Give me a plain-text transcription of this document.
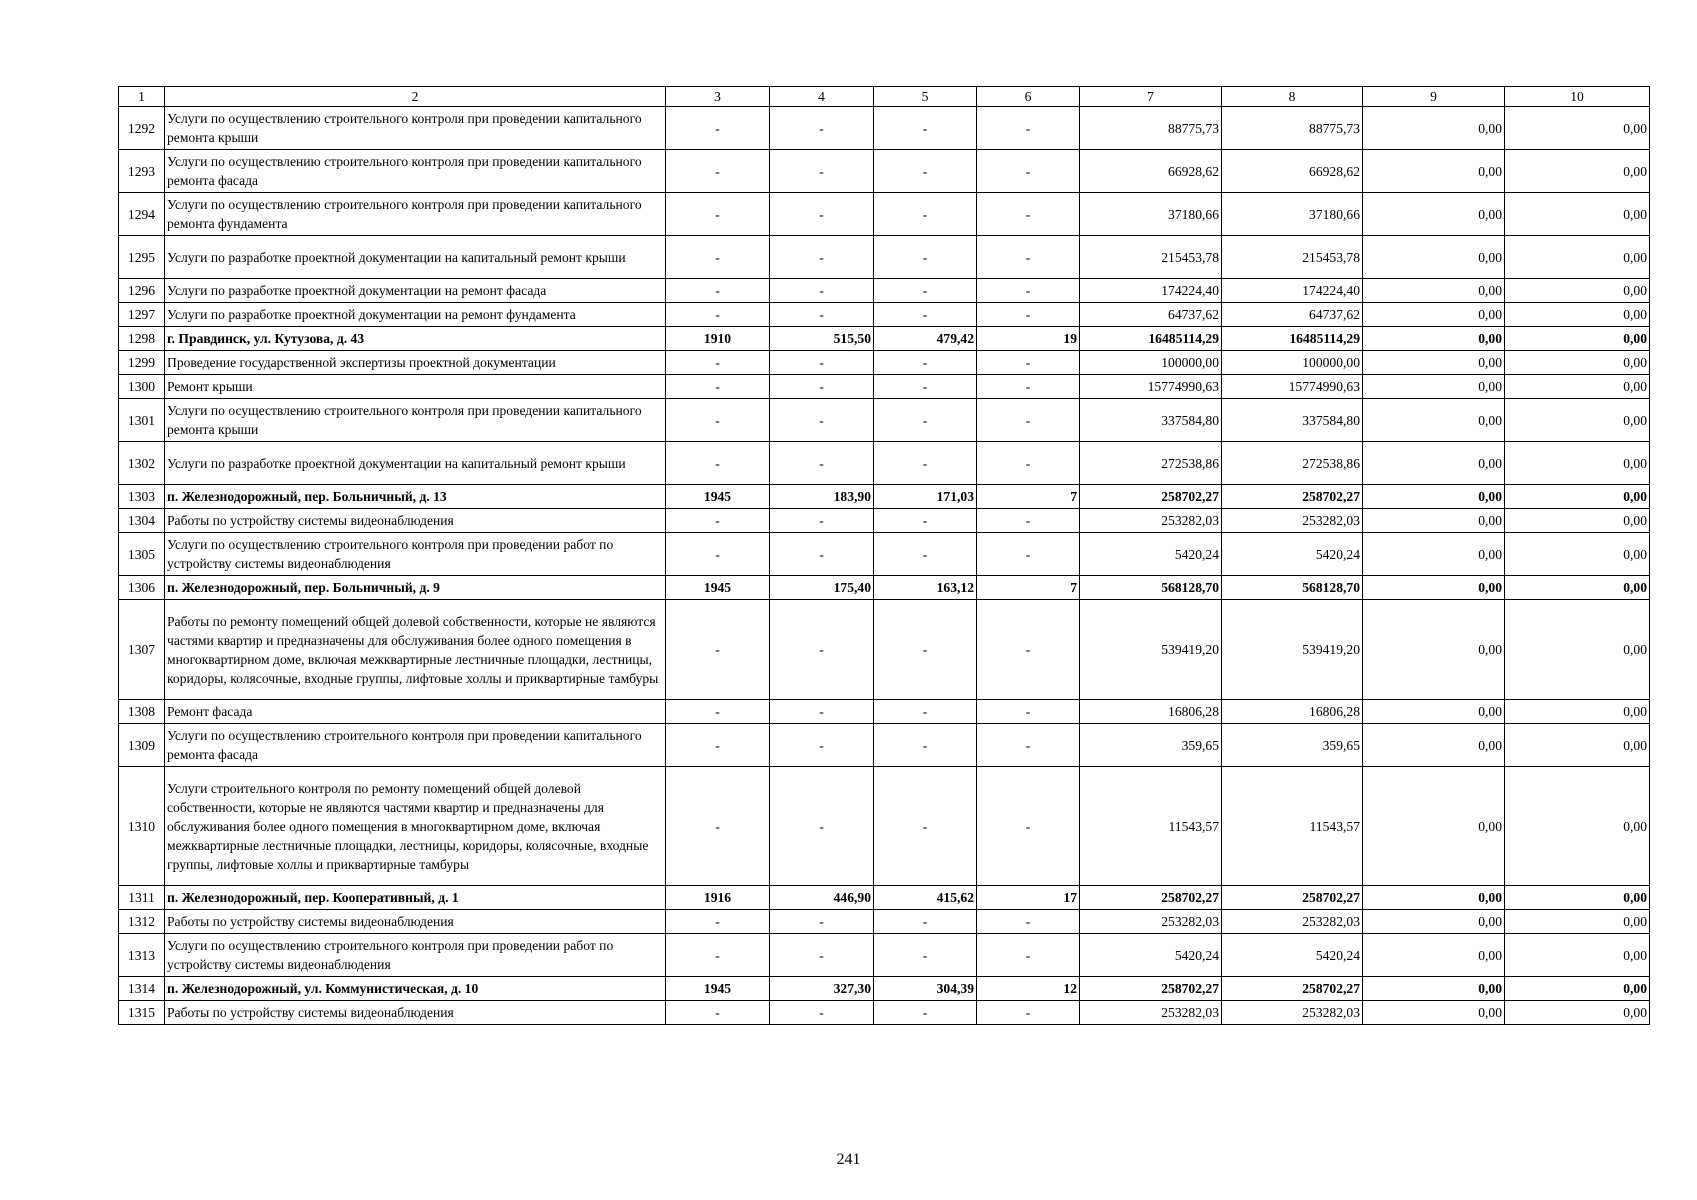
1	2	3	4	5	6	7	8	9	10
1292	Услуги по осуществлению строительного контроля при проведении капитального ремонта крыши	-	-	-	-	88775,73	88775,73	0,00	0,00
1293	Услуги по осуществлению строительного контроля при проведении капитального ремонта фасада	-	-	-	-	66928,62	66928,62	0,00	0,00
1294	Услуги по осуществлению строительного контроля при проведении капитального ремонта фундамента	-	-	-	-	37180,66	37180,66	0,00	0,00
1295	Услуги по разработке проектной документации на капитальный ремонт крыши	-	-	-	-	215453,78	215453,78	0,00	0,00
1296	Услуги по разработке проектной документации на ремонт фасада	-	-	-	-	174224,40	174224,40	0,00	0,00
1297	Услуги по разработке проектной документации на ремонт фундамента	-	-	-	-	64737,62	64737,62	0,00	0,00
1298	г. Правдинск, ул. Кутузова, д. 43	1910	515,50	479,42	19	16485114,29	16485114,29	0,00	0,00
1299	Проведение государственной экспертизы проектной документации	-	-	-	-	100000,00	100000,00	0,00	0,00
1300	Ремонт крыши	-	-	-	-	15774990,63	15774990,63	0,00	0,00
1301	Услуги по осуществлению строительного контроля при проведении капитального ремонта крыши	-	-	-	-	337584,80	337584,80	0,00	0,00
1302	Услуги по разработке проектной документации на капитальный ремонт крыши	-	-	-	-	272538,86	272538,86	0,00	0,00
1303	п. Железнодорожный, пер. Больничный, д. 13	1945	183,90	171,03	7	258702,27	258702,27	0,00	0,00
1304	Работы по устройству системы видеонаблюдения	-	-	-	-	253282,03	253282,03	0,00	0,00
1305	Услуги по осуществлению строительного контроля при проведении работ по устройству системы видеонаблюдения	-	-	-	-	5420,24	5420,24	0,00	0,00
1306	п. Железнодорожный, пер. Больничный, д. 9	1945	175,40	163,12	7	568128,70	568128,70	0,00	0,00
1307	Работы по ремонту помещений общей долевой собственности, которые не являются частями квартир и предназначены для обслуживания более одного помещения в многоквартирном доме, включая межквартирные лестничные площадки, лестницы, коридоры, колясочные, входные группы, лифтовые холлы и приквартирные тамбуры	-	-	-	-	539419,20	539419,20	0,00	0,00
1308	Ремонт фасада	-	-	-	-	16806,28	16806,28	0,00	0,00
1309	Услуги по осуществлению строительного контроля при проведении капитального ремонта фасада	-	-	-	-	359,65	359,65	0,00	0,00
1310	Услуги строительного контроля по ремонту помещений общей долевой собственности, которые не являются частями квартир и предназначены для обслуживания более одного помещения в многоквартирном доме, включая межквартирные лестничные площадки, лестницы, коридоры, колясочные, входные группы, лифтовые холлы и приквартирные тамбуры	-	-	-	-	11543,57	11543,57	0,00	0,00
1311	п. Железнодорожный, пер. Кооперативный, д. 1	1916	446,90	415,62	17	258702,27	258702,27	0,00	0,00
1312	Работы по устройству системы видеонаблюдения	-	-	-	-	253282,03	253282,03	0,00	0,00
1313	Услуги по осуществлению строительного контроля при проведении работ по устройству системы видеонаблюдения	-	-	-	-	5420,24	5420,24	0,00	0,00
1314	п. Железнодорожный, ул. Коммунистическая, д. 10	1945	327,30	304,39	12	258702,27	258702,27	0,00	0,00
1315	Работы по устройству системы видеонаблюдения	-	-	-	-	253282,03	253282,03	0,00	0,00
241
